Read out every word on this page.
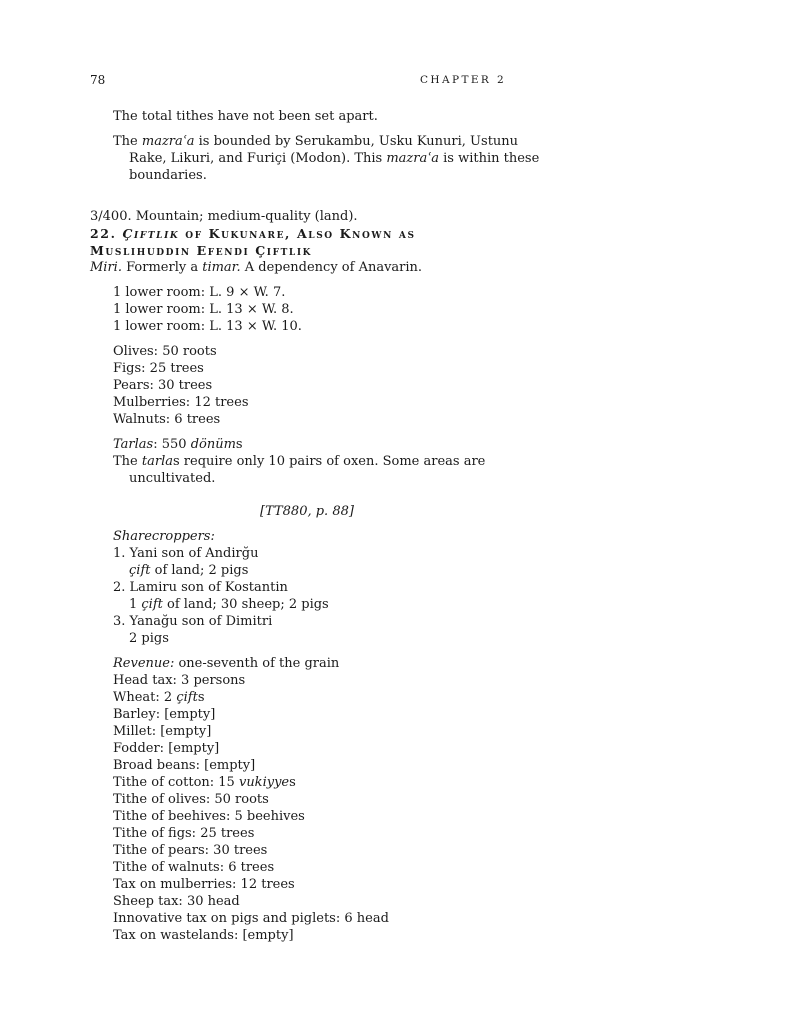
78	CHAPTER 2
The total tithes have not been set apart.
The mazraʿa is bounded by Serukambu, Usku Kunuri, Ustunu
Rake, Likuri, and Furiçi (Modon). This mazraʿa is within these
boundaries.
3/400. Mountain; medium-quality (land).
22. Çiftlik of Kukunare, Also Known as
Muslihuddin Efendi Çiftlik
Miri. Formerly a timar. A dependency of Anavarin.
1 lower room: L. 9 × W. 7.
1 lower room: L. 13 × W. 8.
1 lower room: L. 13 × W. 10.
Olives: 50 roots
Figs: 25 trees
Pears: 30 trees
Mulberries: 12 trees
Walnuts: 6 trees
Tarlas: 550 dönüms
The tarlas require only 10 pairs of oxen. Some areas are
uncultivated.
[TT880, p. 88]
Sharecroppers:
1. Yani son of Andirğu
çift of land; 2 pigs
2. Lamiru son of Kostantin
1 çift of land; 30 sheep; 2 pigs
3. Yanağu son of Dimitri
2 pigs
Revenue: one-seventh of the grain
Head tax: 3 persons
Wheat: 2 çifts
Barley: [empty]
Millet: [empty]
Fodder: [empty]
Broad beans: [empty]
Tithe of cotton: 15 vukiyyes
Tithe of olives: 50 roots
Tithe of beehives: 5 beehives
Tithe of figs: 25 trees
Tithe of pears: 30 trees
Tithe of walnuts: 6 trees
Tax on mulberries: 12 trees
Sheep tax: 30 head
Innovative tax on pigs and piglets: 6 head
Tax on wastelands: [empty]
